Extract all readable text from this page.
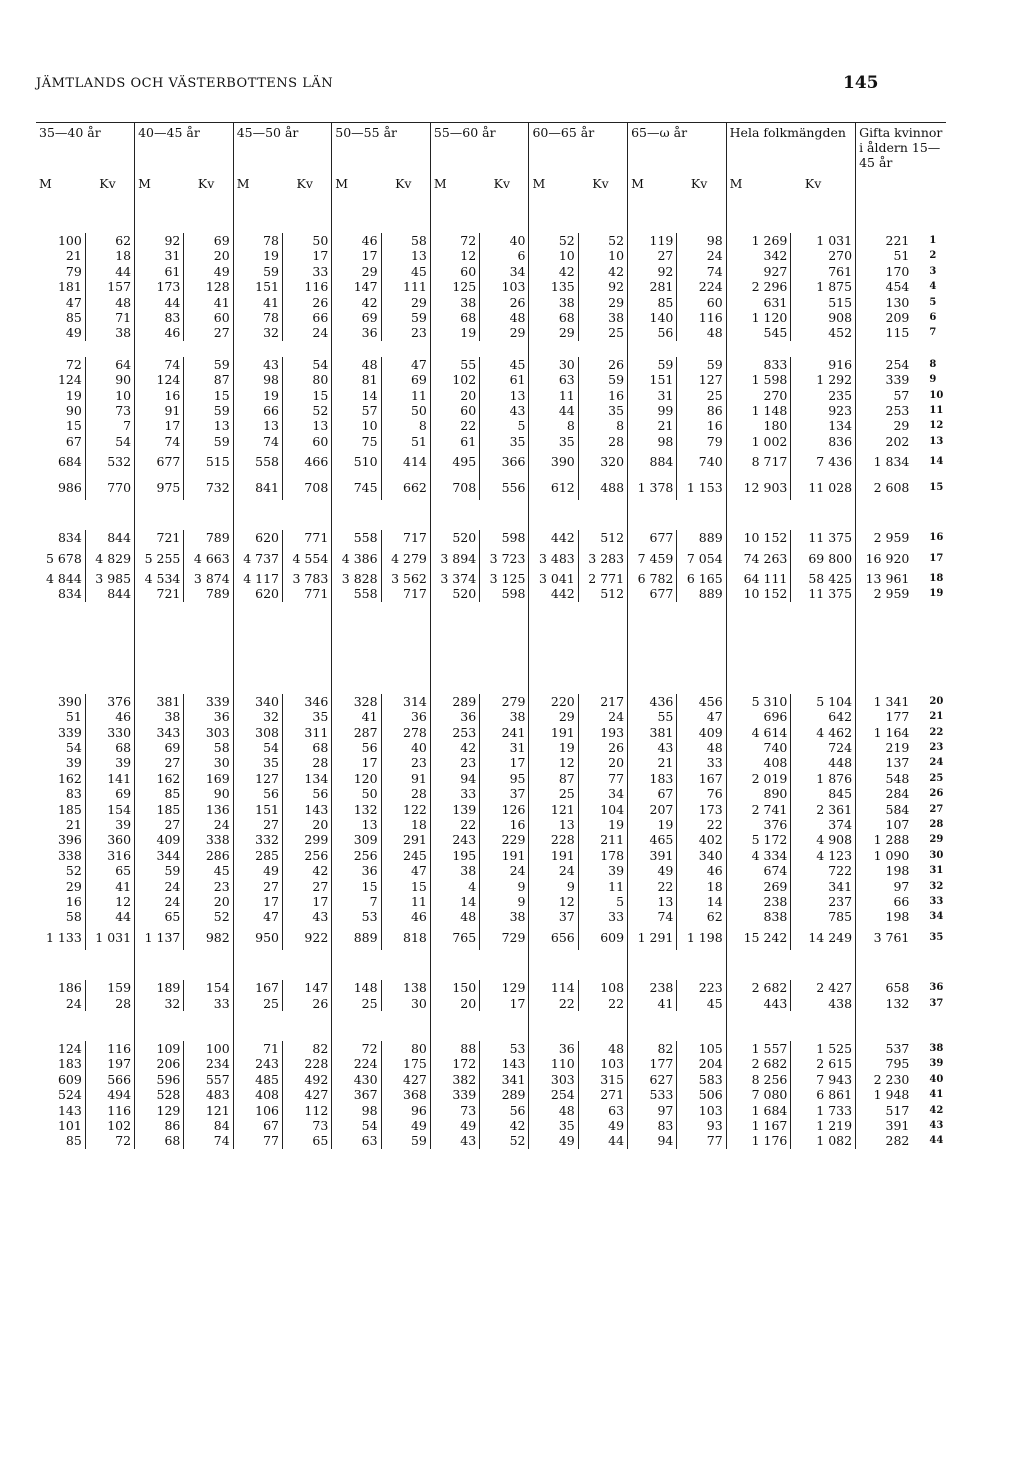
JÄMTLANDS OCH VÄSTERBOTTENS LÄN	145
35—40 år		40—45 år		45—50 år		50—55 år		55—60 år		60—65 år		65—ω år		Hela folkmängden		Gifta kvinnor i åldern 15—45 år	
M	Kv	M	Kv	M	Kv	M	Kv	M	Kv	M	Kv	M	Kv	M	Kv		

100	62	92	69	78	50	46	58	72	40	52	52	119	98	1 269	1 031	221	1
21	18	31	20	19	17	17	13	12	6	10	10	27	24	342	270	51	2
79	44	61	49	59	33	29	45	60	34	42	42	92	74	927	761	170	3
181	157	173	128	151	116	147	111	125	103	135	92	281	224	2 296	1 875	454	4
47	48	44	41	41	26	42	29	38	26	38	29	85	60	631	515	130	5
85	71	83	60	78	66	69	59	68	48	68	38	140	116	1 120	908	209	6
49	38	46	27	32	24	36	23	19	29	29	25	56	48	545	452	115	7

72	64	74	59	43	54	48	47	55	45	30	26	59	59	833	916	254	8
124	90	124	87	98	80	81	69	102	61	63	59	151	127	1 598	1 292	339	9
19	10	16	15	19	15	14	11	20	13	11	16	31	25	270	235	57	10
90	73	91	59	66	52	57	50	60	43	44	35	99	86	1 148	923	253	11
15	7	17	13	13	13	10	8	22	5	8	8	21	16	180	134	29	12
67	54	74	59	74	60	75	51	61	35	35	28	98	79	1 002	836	202	13
684	532	677	515	558	466	510	414	495	366	390	320	884	740	8 717	7 436	1 834	14
986	770	975	732	841	708	745	662	708	556	612	488	1 378	1 153	12 903	11 028	2 608	15

834	844	721	789	620	771	558	717	520	598	442	512	677	889	10 152	11 375	2 959	16
5 678	4 829	5 255	4 663	4 737	4 554	4 386	4 279	3 894	3 723	3 483	3 283	7 459	7 054	74 263	69 800	16 920	17
4 844	3 985	4 534	3 874	4 117	3 783	3 828	3 562	3 374	3 125	3 041	2 771	6 782	6 165	64 111	58 425	13 961	18
834	844	721	789	620	771	558	717	520	598	442	512	677	889	10 152	11 375	2 959	19

390	376	381	339	340	346	328	314	289	279	220	217	436	456	5 310	5 104	1 341	20
51	46	38	36	32	35	41	36	36	38	29	24	55	47	696	642	177	21
339	330	343	303	308	311	287	278	253	241	191	193	381	409	4 614	4 462	1 164	22
54	68	69	58	54	68	56	40	42	31	19	26	43	48	740	724	219	23
39	39	27	30	35	28	17	23	23	17	12	20	21	33	408	448	137	24
162	141	162	169	127	134	120	91	94	95	87	77	183	167	2 019	1 876	548	25
83	69	85	90	56	56	50	28	33	37	25	34	67	76	890	845	284	26
185	154	185	136	151	143	132	122	139	126	121	104	207	173	2 741	2 361	584	27
21	39	27	24	27	20	13	18	22	16	13	19	19	22	376	374	107	28
396	360	409	338	332	299	309	291	243	229	228	211	465	402	5 172	4 908	1 288	29
338	316	344	286	285	256	256	245	195	191	191	178	391	340	4 334	4 123	1 090	30
52	65	59	45	49	42	36	47	38	24	24	39	49	46	674	722	198	31
29	41	24	23	27	27	15	15	4	9	9	11	22	18	269	341	97	32
16	12	24	20	17	17	7	11	14	9	12	5	13	14	238	237	66	33
58	44	65	52	47	43	53	46	48	38	37	33	74	62	838	785	198	34
1 133	1 031	1 137	982	950	922	889	818	765	729	656	609	1 291	1 198	15 242	14 249	3 761	35

186	159	189	154	167	147	148	138	150	129	114	108	238	223	2 682	2 427	658	36
24	28	32	33	25	26	25	30	20	17	22	22	41	45	443	438	132	37

124	116	109	100	71	82	72	80	88	53	36	48	82	105	1 557	1 525	537	38
183	197	206	234	243	228	224	175	172	143	110	103	177	204	2 682	2 615	795	39
609	566	596	557	485	492	430	427	382	341	303	315	627	583	8 256	7 943	2 230	40
524	494	528	483	408	427	367	368	339	289	254	271	533	506	7 080	6 861	1 948	41
143	116	129	121	106	112	98	96	73	56	48	63	97	103	1 684	1 733	517	42
101	102	86	84	67	73	54	49	49	42	35	49	83	93	1 167	1 219	391	43
85	72	68	74	77	65	63	59	43	52	49	44	94	77	1 176	1 082	282	44
